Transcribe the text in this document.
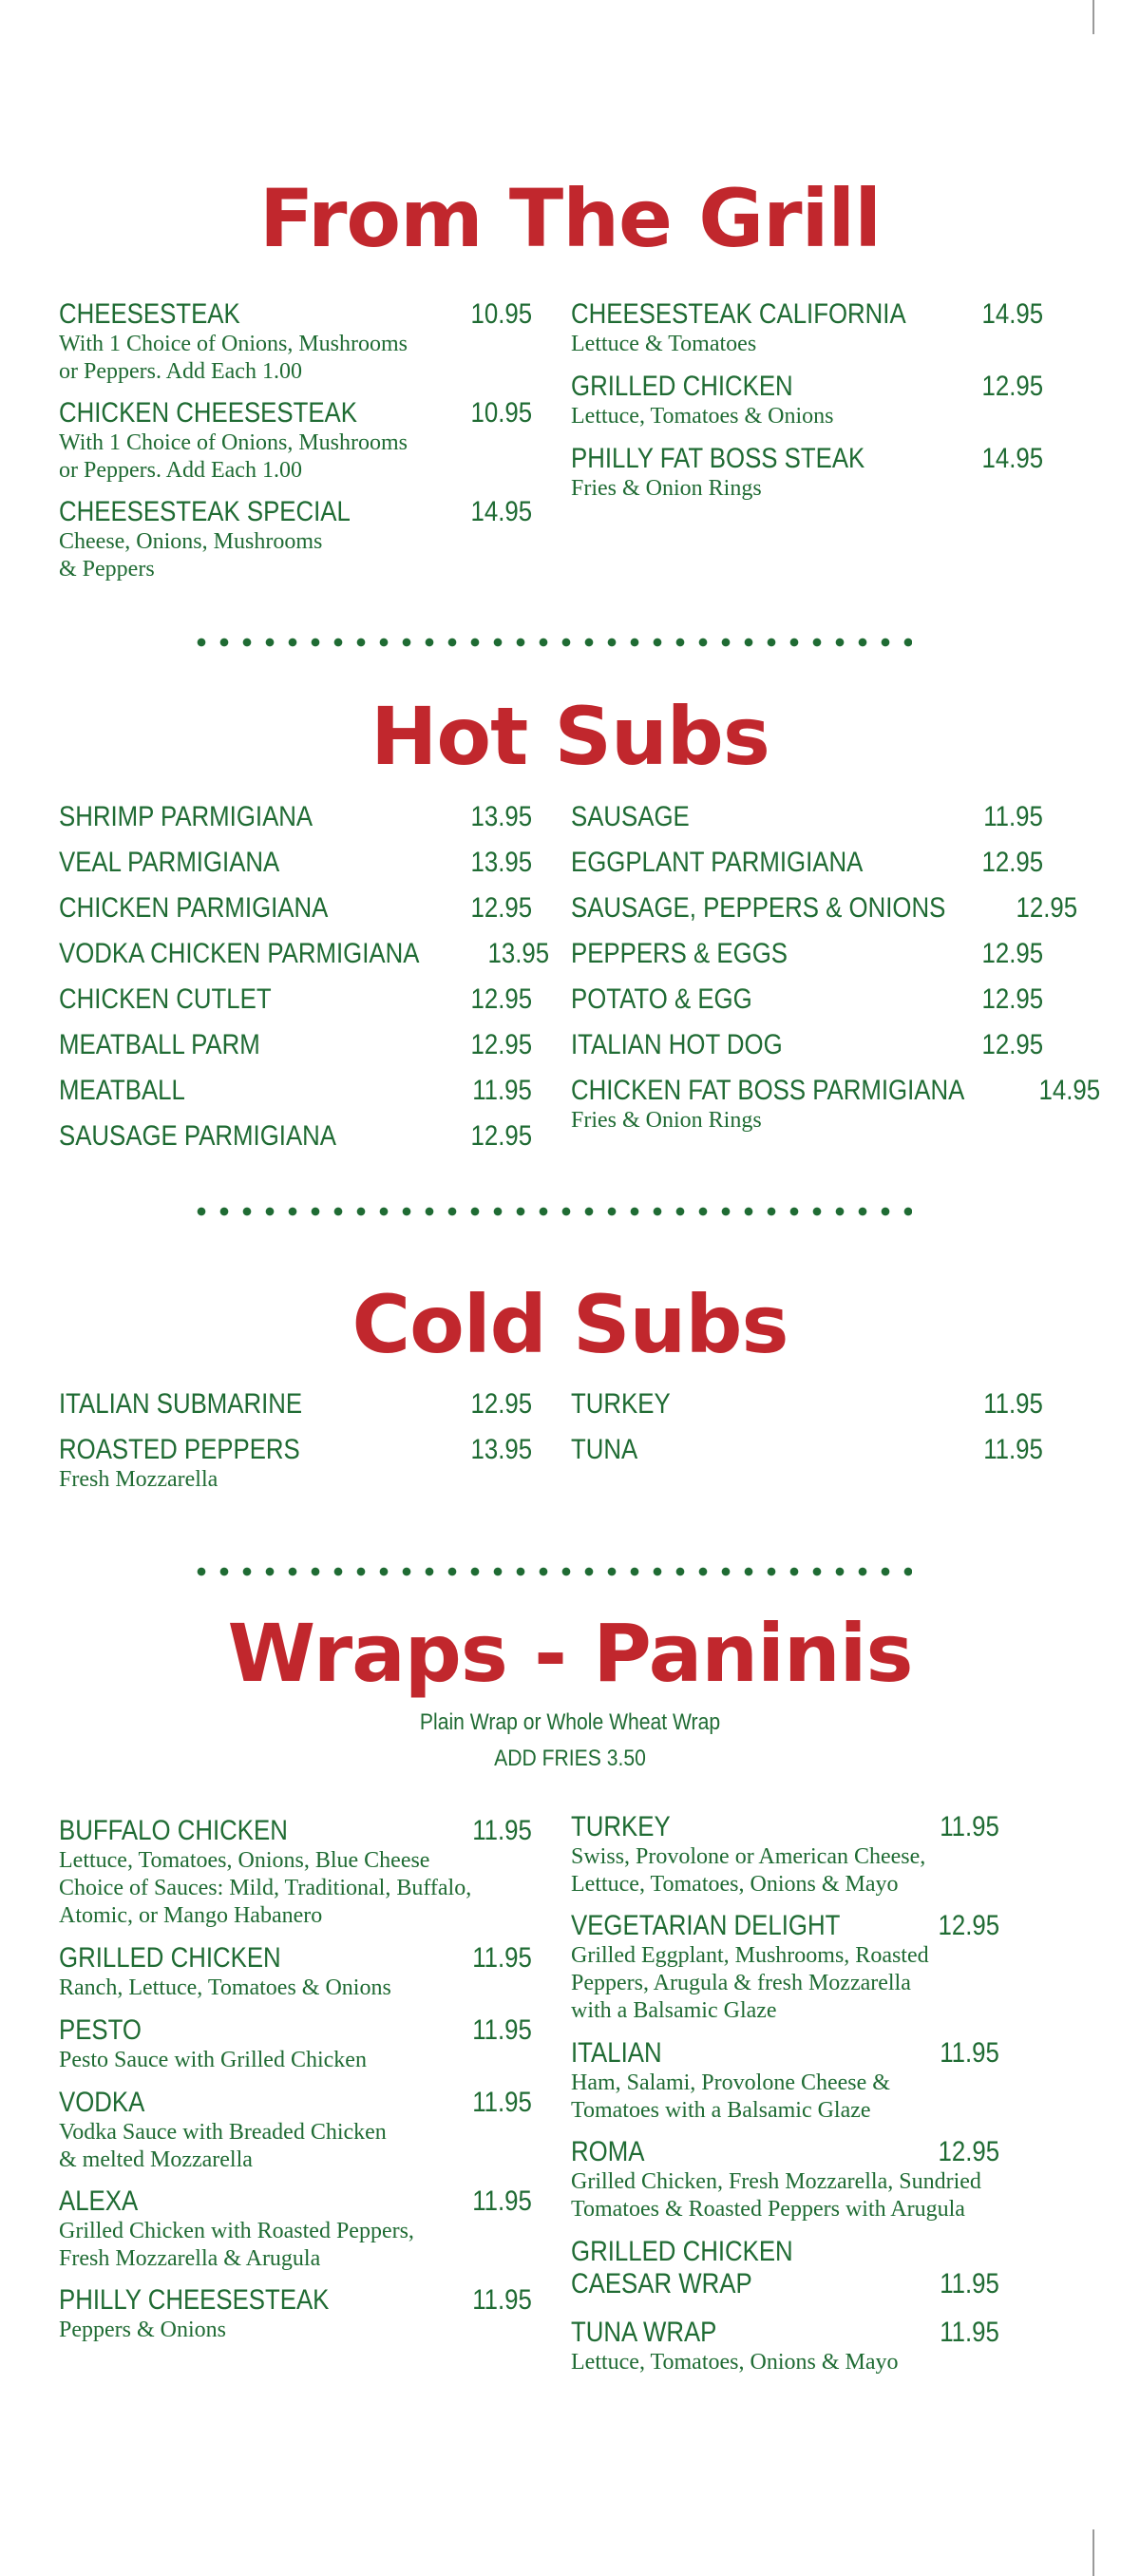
From The Grill
CHEESESTEAK	10.95
With 1 Choice of Onions, Mushrooms
or Peppers. Add Each 1.00
CHICKEN CHEESESTEAK	10.95
With 1 Choice of Onions, Mushrooms
or Peppers. Add Each 1.00
CHEESESTEAK SPECIAL	14.95
Cheese, Onions, Mushrooms
& Peppers
CHEESESTEAK CALIFORNIA	14.95
Lettuce & Tomatoes
GRILLED CHICKEN	12.95
Lettuce, Tomatoes & Onions
PHILLY FAT BOSS STEAK	14.95
Fries & Onion Rings
Hot Subs
SHRIMP PARMIGIANA	13.95
VEAL PARMIGIANA	13.95
CHICKEN PARMIGIANA	12.95
VODKA CHICKEN PARMIGIANA 13.95
CHICKEN CUTLET	12.95
MEATBALL PARM	12.95
MEATBALL	11.95
SAUSAGE PARMIGIANA	12.95
SAUSAGE	11.95
EGGPLANT PARMIGIANA	12.95
SAUSAGE, PEPPERS & ONIONS 12.95
PEPPERS & EGGS	12.95
POTATO & EGG	12.95
ITALIAN HOT DOG	12.95
CHICKEN FAT BOSS PARMIGIANA	14.95
Fries & Onion Rings
Cold Subs
ITALIAN SUBMARINE	12.95
ROASTED PEPPERS	13.95
Fresh Mozzarella
TURKEY	11.95
TUNA	11.95
Wraps - Paninis
Plain Wrap or Whole Wheat Wrap
ADD FRIES 3.50
BUFFALO CHICKEN	11.95
Lettuce, Tomatoes, Onions, Blue Cheese
Choice of Sauces: Mild, Traditional, Buffalo,
Atomic, or Mango Habanero
GRILLED CHICKEN	11.95
Ranch, Lettuce, Tomatoes & Onions
PESTO	11.95
Pesto Sauce with Grilled Chicken
VODKA	11.95
Vodka Sauce with Breaded Chicken
& melted Mozzarella
ALEXA	11.95
Grilled Chicken with Roasted Peppers,
Fresh Mozzarella & Arugula
PHILLY CHEESESTEAK	11.95
Peppers & Onions
TURKEY	11.95
Swiss, Provolone or American Cheese,
Lettuce, Tomatoes, Onions & Mayo
VEGETARIAN DELIGHT	12.95
Grilled Eggplant, Mushrooms, Roasted
Peppers, Arugula & fresh Mozzarella
with a Balsamic Glaze
ITALIAN	11.95
Ham, Salami, Provolone Cheese &
Tomatoes with a Balsamic Glaze
ROMA	12.95
Grilled Chicken, Fresh Mozzarella, Sundried
Tomatoes & Roasted Peppers with Arugula
GRILLED CHICKEN
CAESAR WRAP	11.95
TUNA WRAP	11.95
Lettuce, Tomatoes, Onions & Mayo
